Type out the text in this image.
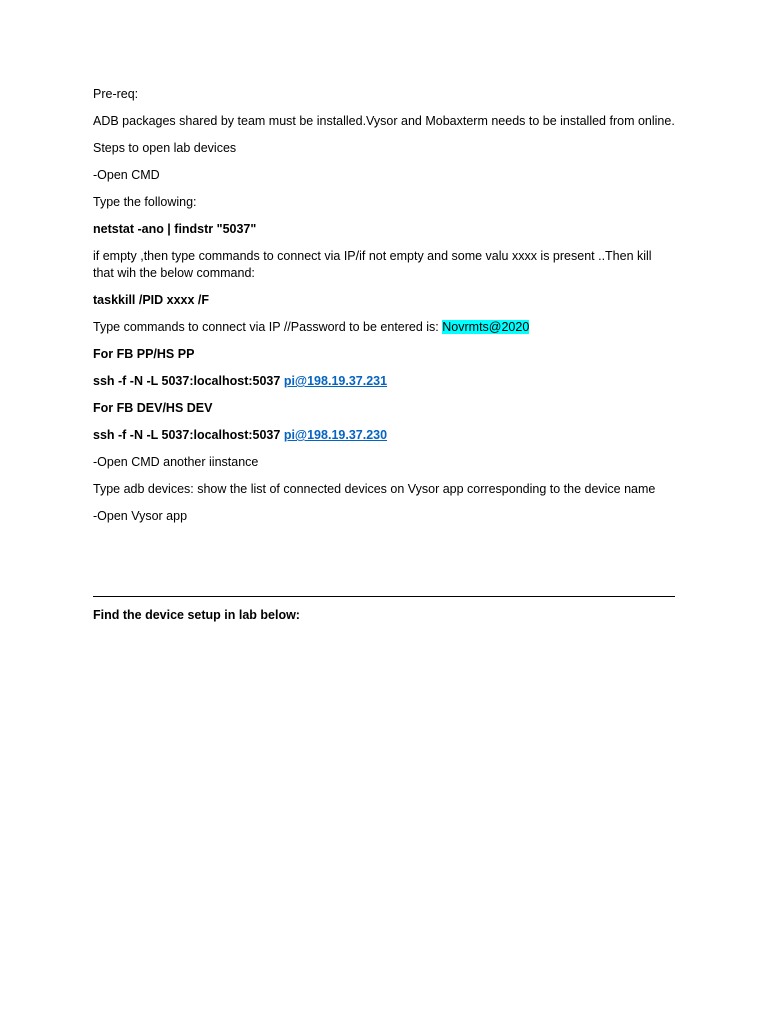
Pre-req:

ADB packages shared by team must be installed.Vysor and Mobaxterm needs to be installed from online.

Steps to open lab devices

-Open CMD

Type the following:

netstat -ano | findstr "5037"

if empty ,then type commands to connect via IP/if not empty and some valu xxxx is present ..Then kill that wih the below command:

taskkill /PID xxxx /F

Type commands to connect via IP //Password to be entered is: Novrmts@2020

For FB PP/HS PP

ssh -f -N -L 5037:localhost:5037 pi@198.19.37.231

For FB DEV/HS DEV

ssh -f -N -L 5037:localhost:5037 pi@198.19.37.230

-Open CMD another iinstance

Type adb devices: show the list of connected devices on Vysor app corresponding to the device name

-Open Vysor app

Find the device setup in lab below:
